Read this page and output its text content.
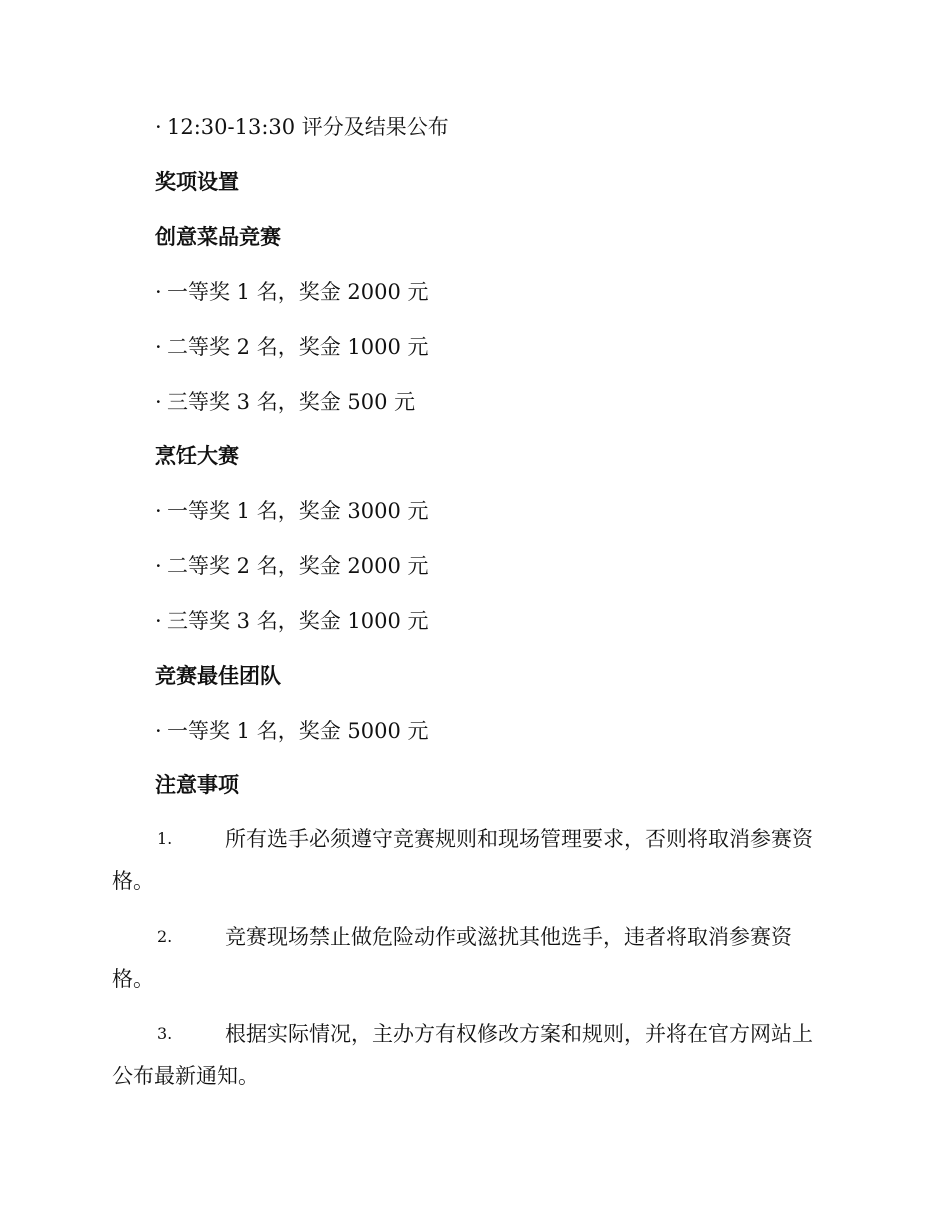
· 12:30-13:30 评分及结果公布
奖项设置
创意菜品竞赛
· 一等奖 1 名，奖金 2000 元
· 二等奖 2 名，奖金 1000 元
· 三等奖 3 名，奖金 500 元
烹饪大赛
· 一等奖 1 名，奖金 3000 元
· 二等奖 2 名，奖金 2000 元
· 三等奖 3 名，奖金 1000 元
竞赛最佳团队
· 一等奖 1 名，奖金 5000 元
注意事项
1.	所有选手必须遵守竞赛规则和现场管理要求，否则将取消参赛资
格。
2.	竞赛现场禁止做危险动作或滋扰其他选手，违者将取消参赛资
格。
3.	根据实际情况，主办方有权修改方案和规则，并将在官方网站上
公布最新通知。
